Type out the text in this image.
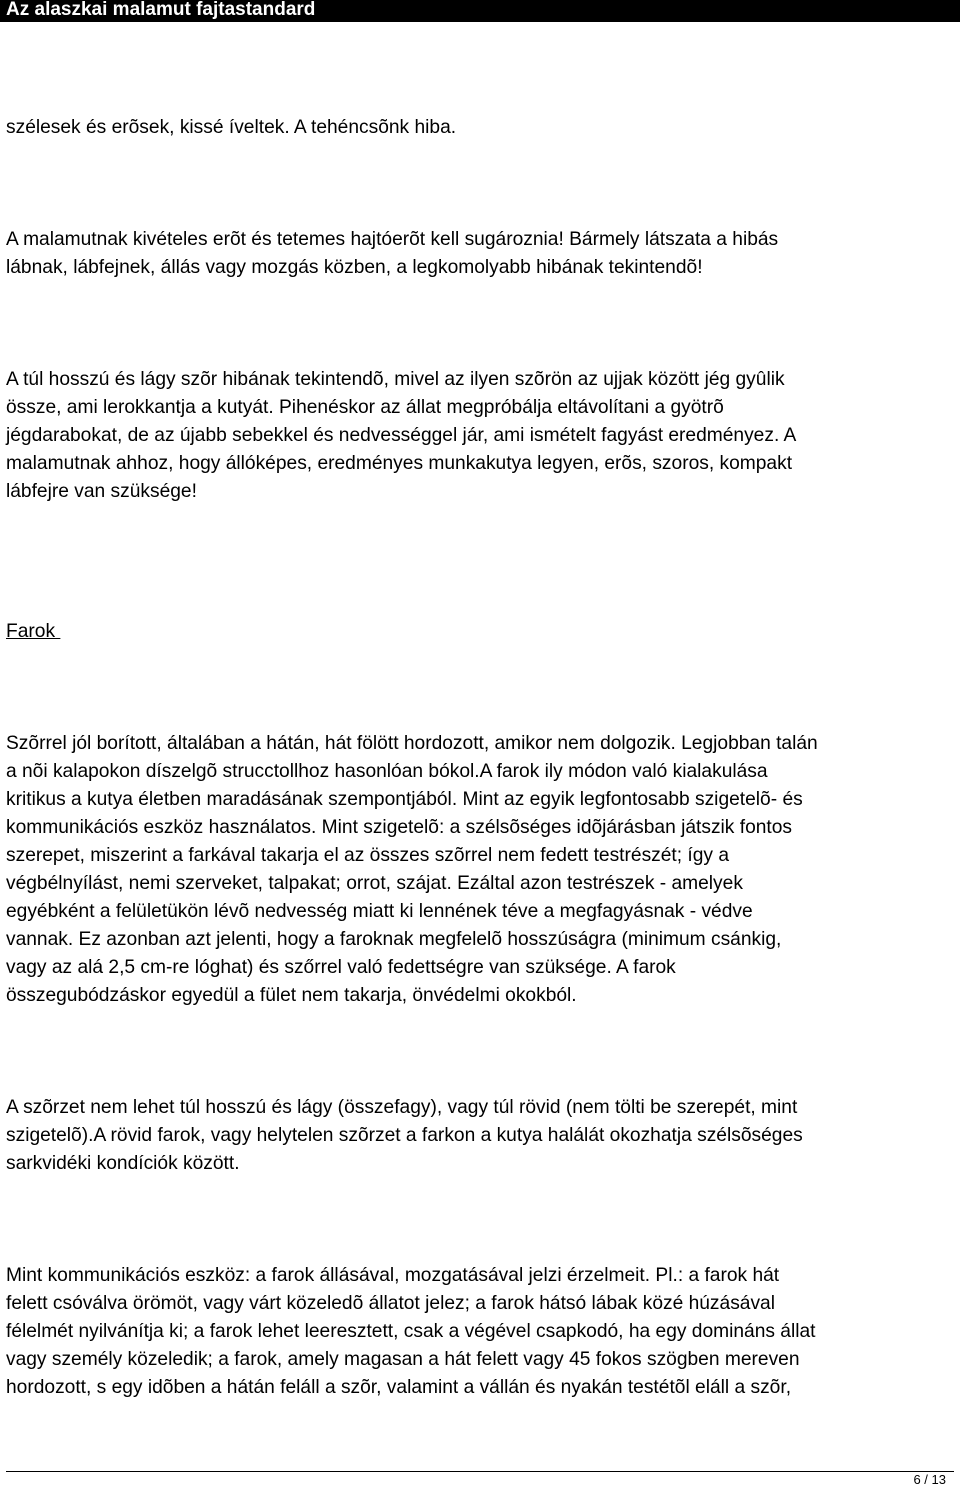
Az alaszkai malamut fajtastandard
szélesek és erõsek, kissé íveltek. A tehéncsõnk hiba.
A malamutnak kivételes erõt és tetemes hajtóerõt kell sugároznia! Bármely látszata a hibás
lábnak, lábfejnek, állás vagy mozgás közben, a legkomolyabb hibának tekintendõ!
A túl hosszú és lágy szõr hibának tekintendõ, mivel az ilyen szõrön az ujjak között jég gyûlik
össze, ami lerokkantja a kutyát. Pihenéskor az állat megpróbálja eltávolítani a gyötrõ
jégdarabokat, de az újabb sebekkel és nedvességgel jár, ami ismételt fagyást eredményez. A
malamutnak ahhoz, hogy állóképes, eredményes munkakutya legyen, erõs, szoros, kompakt
lábfejre van szüksége!
Farok
Szõrrel jól borított, általában a hátán, hát fölött hordozott, amikor nem dolgozik. Legjobban talán
a nõi kalapokon díszelgõ strucctollhoz hasonlóan bókol.A farok ily módon való kialakulása
kritikus a kutya életben maradásának szempontjából. Mint az egyik legfontosabb szigetelõ- és
kommunikációs eszköz használatos. Mint szigetelõ: a szélsõséges idõjárásban játszik fontos
szerepet, miszerint a farkával takarja el az összes szõrrel nem fedett testrészét; így a
végbélnyílást, nemi szerveket, talpakat; orrot, szájat. Ezáltal azon testrészek - amelyek
egyébként a felületükön lévõ nedvesség miatt ki lennének téve a megfagyásnak - védve
vannak. Ez azonban azt jelenti, hogy a faroknak megfelelõ hosszúságra (minimum csánkig,
vagy az alá 2,5 cm-re lóghat) és szőrrel való fedettségre van szüksége. A farok
összegubódzáskor egyedül a fület nem takarja, önvédelmi okokból.
A szõrzet nem lehet túl hosszú és lágy (összefagy), vagy túl rövid (nem tölti be szerepét, mint
szigetelõ).A rövid farok, vagy helytelen szõrzet a farkon a kutya halálát okozhatja szélsõséges
sarkvidéki kondíciók között.
Mint kommunikációs eszköz: a farok állásával, mozgatásával jelzi érzelmeit. Pl.: a farok hát
felett csóválva örömöt, vagy várt közeledõ állatot jelez; a farok hátsó lábak közé húzásával
félelmét nyilvánítja ki; a farok lehet leeresztett, csak a végével csapkodó, ha egy domináns állat
vagy személy közeledik; a farok, amely magasan a hát felett vagy 45 fokos szögben mereven
hordozott, s egy idõben a hátán feláll a szõr, valamint a vállán és nyakán testétõl eláll a szõr,
6 / 13
